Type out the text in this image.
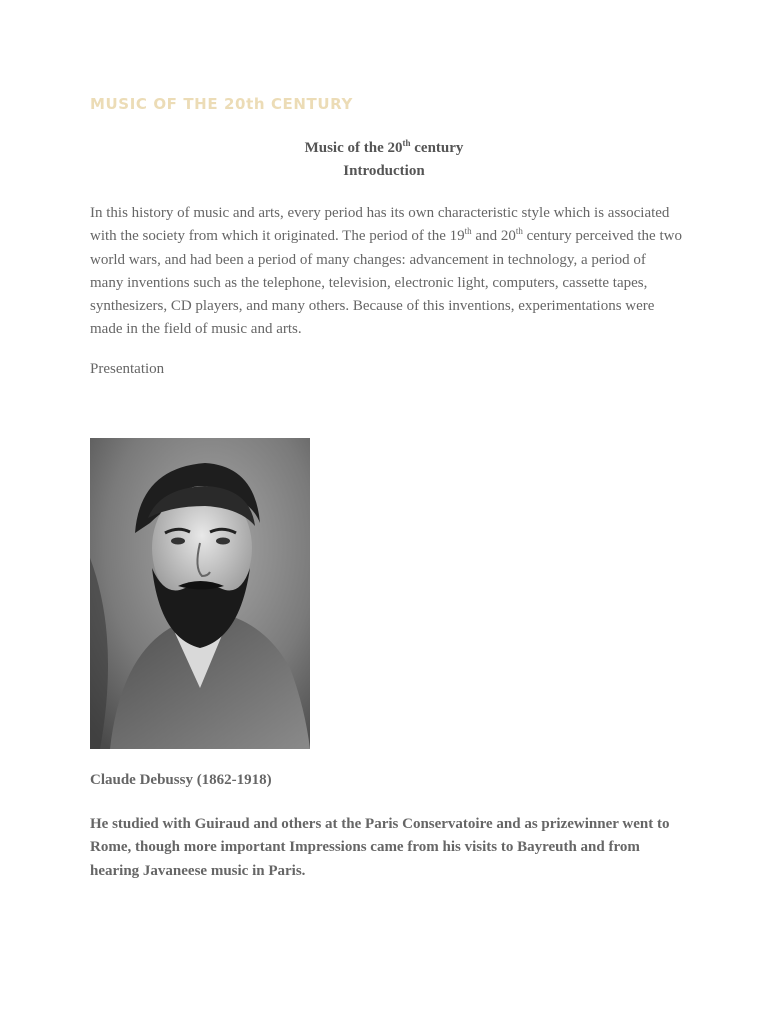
MUSIC OF THE 20th CENTURY

Music of the 20th century

Introduction

In this history of music and arts, every period has its own characteristic style which is associated with the society from which it originated. The period of the 19th and 20th century perceived the two world wars, and had been a period of many changes: advancement in technology, a period of many inventions such as the telephone, television, electronic light, computers, cassette tapes, synthesizers, CD players, and many others. Because of this inventions, experimentations were made in the field of music and arts.

Presentation

Claude Debussy (1862-1918)

He studied with Guiraud and others at the Paris Conservatoire and as prizewinner went to Rome, though more important Impressions came from his visits to Bayreuth and from hearing Javaneese music in Paris.
